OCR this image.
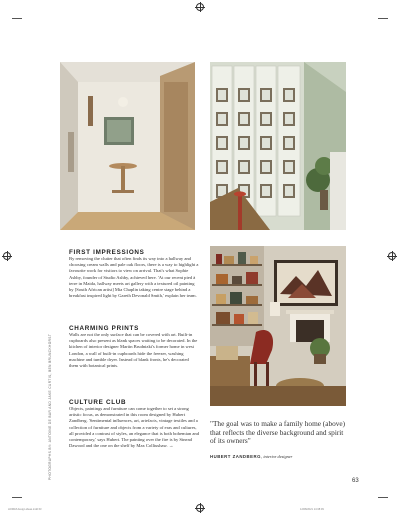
PHOTOGRAPHS BY: ANTOINE DE BAR AND JAKE CURTIS, BEN BRUNCKHORST
FIRST IMPRESSIONS
By removing the clutter that often finds its way into a hallway and choosing cream walls and pale oak floors, there is a way to highlight a favourite work for visitors to view on arrival. That's what Sophie Ashby, founder of Studio Ashby, achieved here. 'At our recent pied à terre in Maida, hallway meets art gallery with a textured oil painting by [South African artist] Mia Chaplin taking centre stage behind a breakfast inspired light by Gareth Devonald Smith,' explain her team.
CHARMING PRINTS
Walls are not the only surface that can be covered with art. Built-in cupboards also present as blank spaces waiting to be decorated. In the kitchen of interior designer Martin Brudnizki's former home in west London, a wall of built-in cupboards hide the freezer, washing machine and tumble dryer. Instead of blank fronts, he's decorated them with botanical prints.
CULTURE CLUB
Objects, paintings and furniture can come together to set a strong artistic focus, as demonstrated in this room designed by Hubert Zandberg. 'Sentimental influences, art, artefacts, vintage textiles and a collection of furniture and objects from a variety of eras and cultures, all provided a contrast of styles, an elegance that is both bohemian and contemporary,' says Hubert. The painting over the fire is by Sinead Dawood and the one on the shelf by Max Colliushaw. →
"The goal was to make a family home (above) that reflects the diverse background and spirit of its owners"
HUBERT ZANDBERG, interior designer
63
HOM18.design.ideas.indd 63	12/08/2021 14:38:09
